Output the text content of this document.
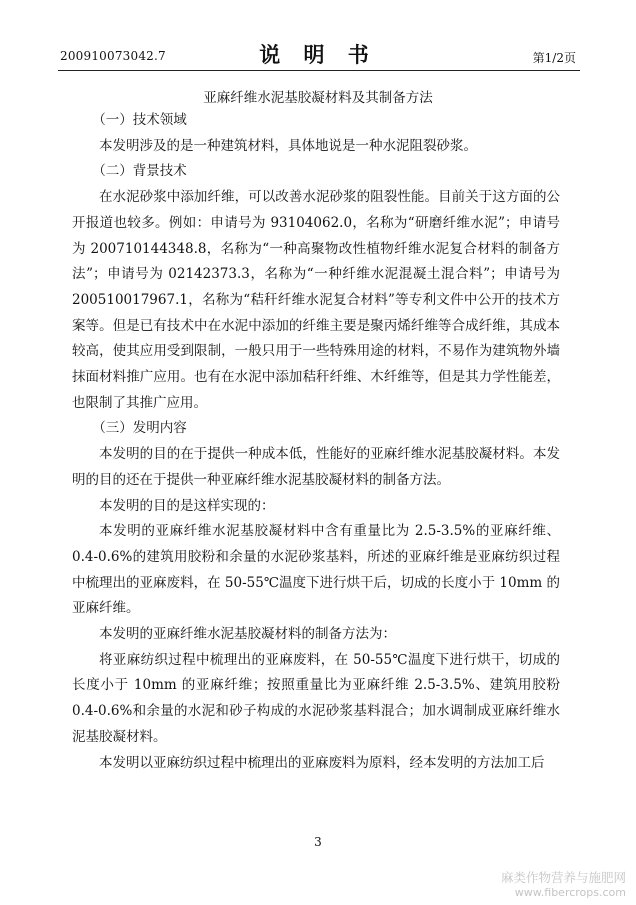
200910073042.7	说 明 书	第1/2页
亚麻纤维水泥基胶凝材料及其制备方法

（一）技术领域

本发明涉及的是一种建筑材料，具体地说是一种水泥阻裂砂浆。

（二）背景技术

在水泥砂浆中添加纤维，可以改善水泥砂浆的阻裂性能。目前关于这方面的公开报道也较多。例如：申请号为 93104062.0，名称为“研磨纤维水泥”；申请号为 200710144348.8，名称为“一种高聚物改性植物纤维水泥复合材料的制备方法”；申请号为 02142373.3，名称为“一种纤维水泥混凝土混合料”；申请号为 200510017967.1，名称为“秸秆纤维水泥复合材料”等专利文件中公开的技术方案等。但是已有技术中在水泥中添加的纤维主要是聚丙烯纤维等合成纤维，其成本较高，使其应用受到限制，一般只用于一些特殊用途的材料，不易作为建筑物外墙抹面材料推广应用。也有在水泥中添加秸秆纤维、木纤维等，但是其力学性能差，也限制了其推广应用。

（三）发明内容

本发明的目的在于提供一种成本低，性能好的亚麻纤维水泥基胶凝材料。本发明的目的还在于提供一种亚麻纤维水泥基胶凝材料的制备方法。

本发明的目的是这样实现的：

本发明的亚麻纤维水泥基胶凝材料中含有重量比为 2.5-3.5%的亚麻纤维、0.4-0.6%的建筑用胶粉和余量的水泥砂浆基料，所述的亚麻纤维是亚麻纺织过程中梳理出的亚麻废料，在 50-55℃温度下进行烘干后，切成的长度小于 10mm 的亚麻纤维。

本发明的亚麻纤维水泥基胶凝材料的制备方法为：

将亚麻纺织过程中梳理出的亚麻废料，在 50-55℃温度下进行烘干，切成的长度小于 10mm 的亚麻纤维；按照重量比为亚麻纤维 2.5-3.5%、建筑用胶粉 0.4-0.6%和余量的水泥和砂子构成的水泥砂浆基料混合；加水调制成亚麻纤维水泥基胶凝材料。

本发明以亚麻纺织过程中梳理出的亚麻废料为原料，经本发明的方法加工后

3
麻类作物营养与施肥网
www.fibercrops.com
